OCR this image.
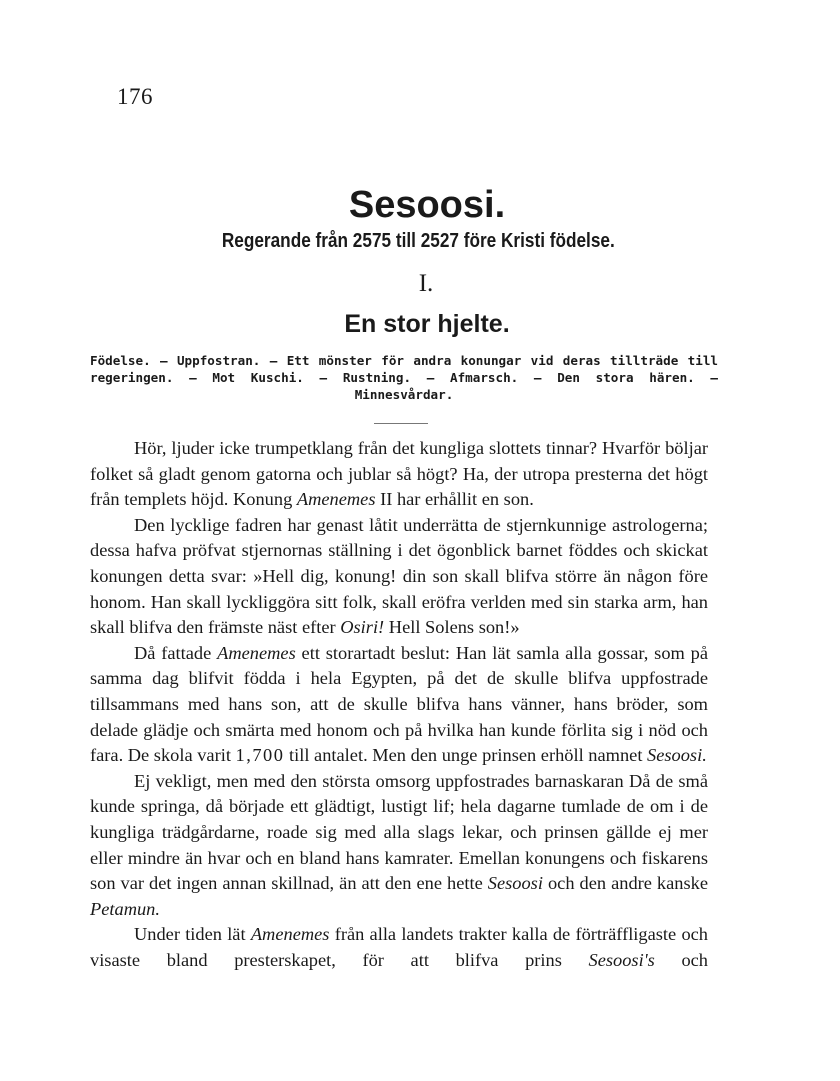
176
Sesoosi.
Regerande från 2575 till 2527 före Kristi födelse.
I.
En stor hjelte.
Födelse. — Uppfostran. — Ett mönster för andra konungar vid deras tillträde till regeringen. — Mot Kuschi. — Rustning. — Afmarsch. — Den stora hären. — Minnesvårdar.

Hör, ljuder icke trumpetklang från det kungliga slottets tinnar? Hvarför böljar folket så gladt genom gatorna och jublar så högt? Ha, der utropa presterna det högt från templets höjd. Konung Amenemes II har erhållit en son.

Den lycklige fadren har genast låtit underrätta de stjernkunnige astrologerna; dessa hafva pröfvat stjernornas ställning i det ögonblick barnet föddes och skickat konungen detta svar: »Hell dig, konung! din son skall blifva större än någon före honom. Han skall lyckliggöra sitt folk, skall eröfra verlden med sin starka arm, han skall blifva den främste näst efter Osiri! Hell Solens son!»

Då fattade Amenemes ett storartadt beslut: Han lät samla alla gossar, som på samma dag blifvit födda i hela Egypten, på det de skulle blifva uppfostrade tillsammans med hans son, att de skulle blifva hans vänner, hans bröder, som delade glädje och smärta med honom och på hvilka han kunde förlita sig i nöd och fara. De skola varit 1,700 till antalet. Men den unge prinsen erhöll namnet Sesoosi.

Ej vekligt, men med den största omsorg uppfostrades barnaskaran Då de små kunde springa, då började ett glädtigt, lustigt lif; hela dagarne tumlade de om i de kungliga trädgårdarne, roade sig med alla slags lekar, och prinsen gällde ej mer eller mindre än hvar och en bland hans kamrater. Emellan konungens och fiskarens son var det ingen annan skillnad, än att den ene hette Sesoosi och den andre kanske Petamun.

Under tiden lät Amenemes från alla landets trakter kalla de förträffligaste och visaste bland presterskapet, för att blifva prins Sesoosi's och
